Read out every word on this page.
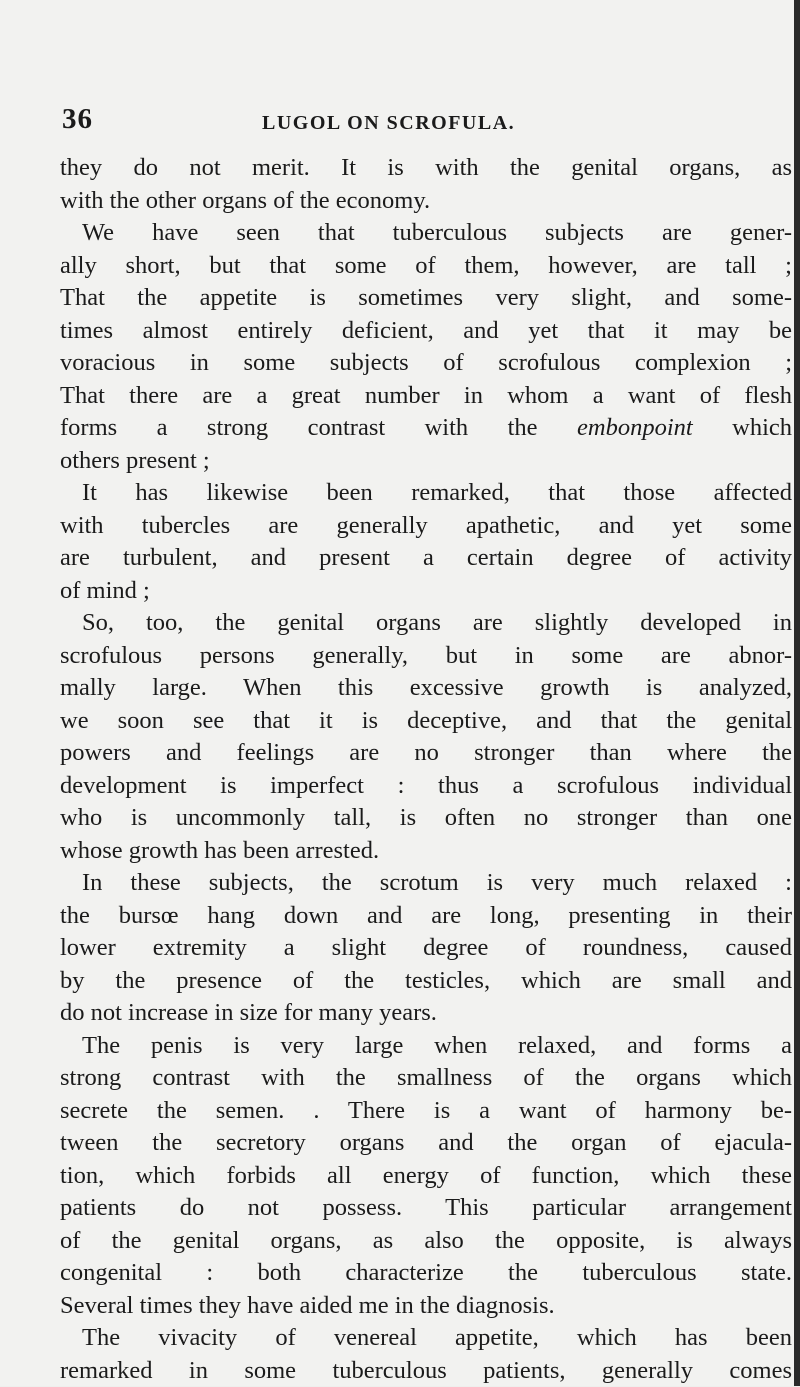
36	LUGOL ON SCROFULA.
they do not merit. It is with the genital organs, as
with the other organs of the economy.
We have seen that tuberculous subjects are gener-
ally short, but that some of them, however, are tall ;
That the appetite is sometimes very slight, and some-
times almost entirely deficient, and yet that it may be
voracious in some subjects of scrofulous complexion ;
That there are a great number in whom a want of flesh
forms a strong contrast with the embonpoint which
others present ;
It has likewise been remarked, that those affected
with tubercles are generally apathetic, and yet some
are turbulent, and present a certain degree of activity
of mind ;
So, too, the genital organs are slightly developed in
scrofulous persons generally, but in some are abnor-
mally large. When this excessive growth is analyzed,
we soon see that it is deceptive, and that the genital
powers and feelings are no stronger than where the
development is imperfect : thus a scrofulous individual
who is uncommonly tall, is often no stronger than one
whose growth has been arrested.
In these subjects, the scrotum is very much relaxed :
the bursœ hang down and are long, presenting in their
lower extremity a slight degree of roundness, caused
by the presence of the testicles, which are small and
do not increase in size for many years.
The penis is very large when relaxed, and forms a
strong contrast with the smallness of the organs which
secrete the semen. . There is a want of harmony be-
tween the secretory organs and the organ of ejacula-
tion, which forbids all energy of function, which these
patients do not possess. This particular arrangement
of the genital organs, as also the opposite, is always
congenital : both characterize the tuberculous state.
Several times they have aided me in the diagnosis.
The vivacity of venereal appetite, which has been
remarked in some tuberculous patients, generally comes
